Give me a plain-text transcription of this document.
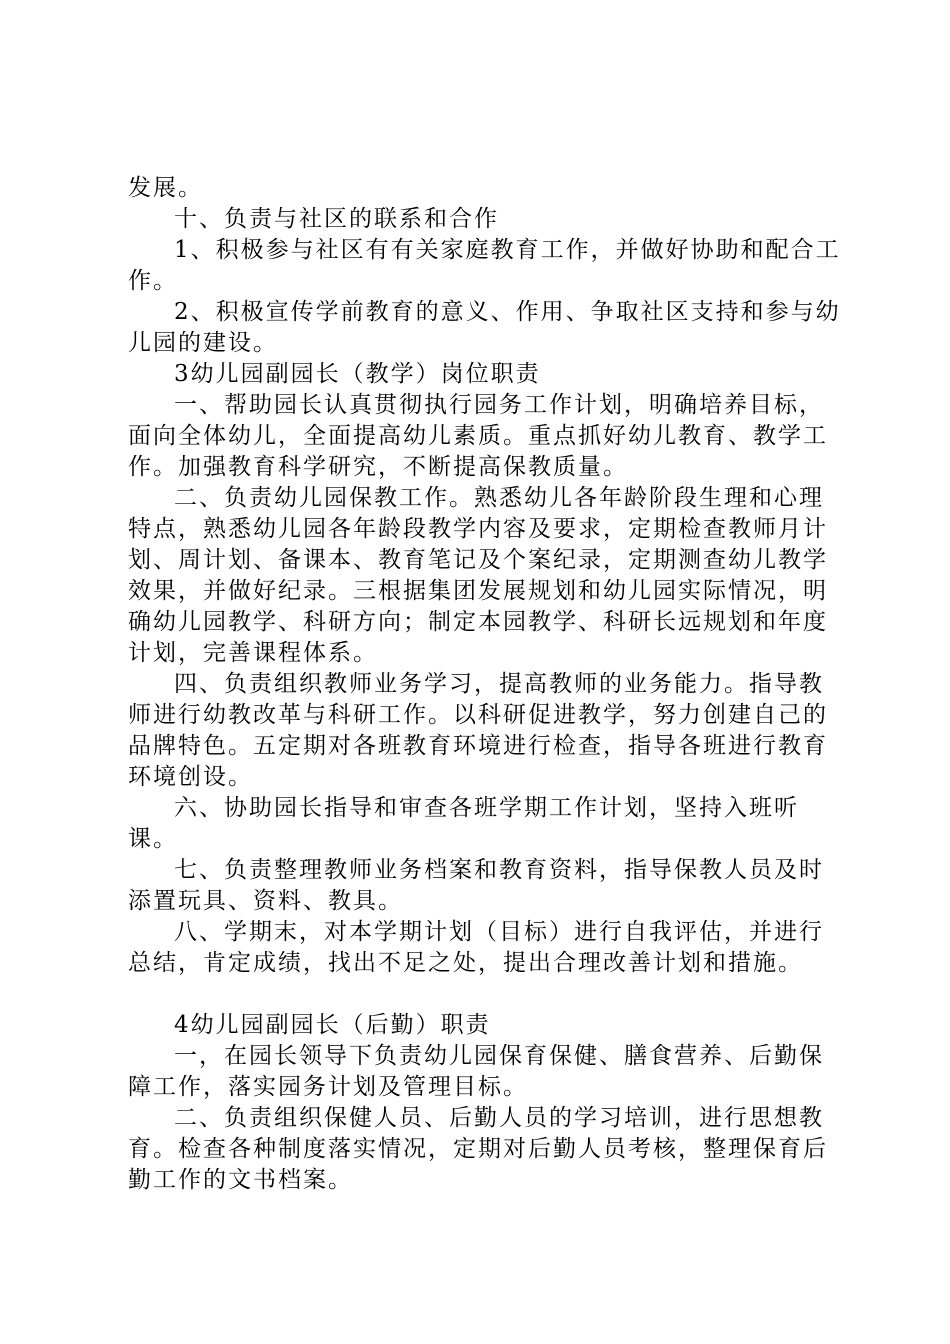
发展。

十、负责与社区的联系和合作

1、积极参与社区有有关家庭教育工作，并做好协助和配合工作。

2、积极宣传学前教育的意义、作用、争取社区支持和参与幼儿园的建设。

3幼儿园副园长（教学）岗位职责

一、帮助园长认真贯彻执行园务工作计划，明确培养目标，面向全体幼儿，全面提高幼儿素质。重点抓好幼儿教育、教学工作。加强教育科学研究，不断提高保教质量。

二、负责幼儿园保教工作。熟悉幼儿各年龄阶段生理和心理特点，熟悉幼儿园各年龄段教学内容及要求，定期检查教师月计划、周计划、备课本、教育笔记及个案纪录，定期测查幼儿教学效果，并做好纪录。三根据集团发展规划和幼儿园实际情况，明确幼儿园教学、科研方向；制定本园教学、科研长远规划和年度计划，完善课程体系。

四、负责组织教师业务学习，提高教师的业务能力。指导教师进行幼教改革与科研工作。以科研促进教学，努力创建自己的品牌特色。五定期对各班教育环境进行检查，指导各班进行教育环境创设。

六、协助园长指导和审查各班学期工作计划，坚持入班听课。

七、负责整理教师业务档案和教育资料，指导保教人员及时添置玩具、资料、教具。

八、学期末，对本学期计划（目标）进行自我评估，并进行总结，肯定成绩，找出不足之处，提出合理改善计划和措施。

4幼儿园副园长（后勤）职责

一，在园长领导下负责幼儿园保育保健、膳食营养、后勤保障工作，落实园务计划及管理目标。

二、负责组织保健人员、后勤人员的学习培训，进行思想教育。检查各种制度落实情况，定期对后勤人员考核，整理保育后勤工作的文书档案。
